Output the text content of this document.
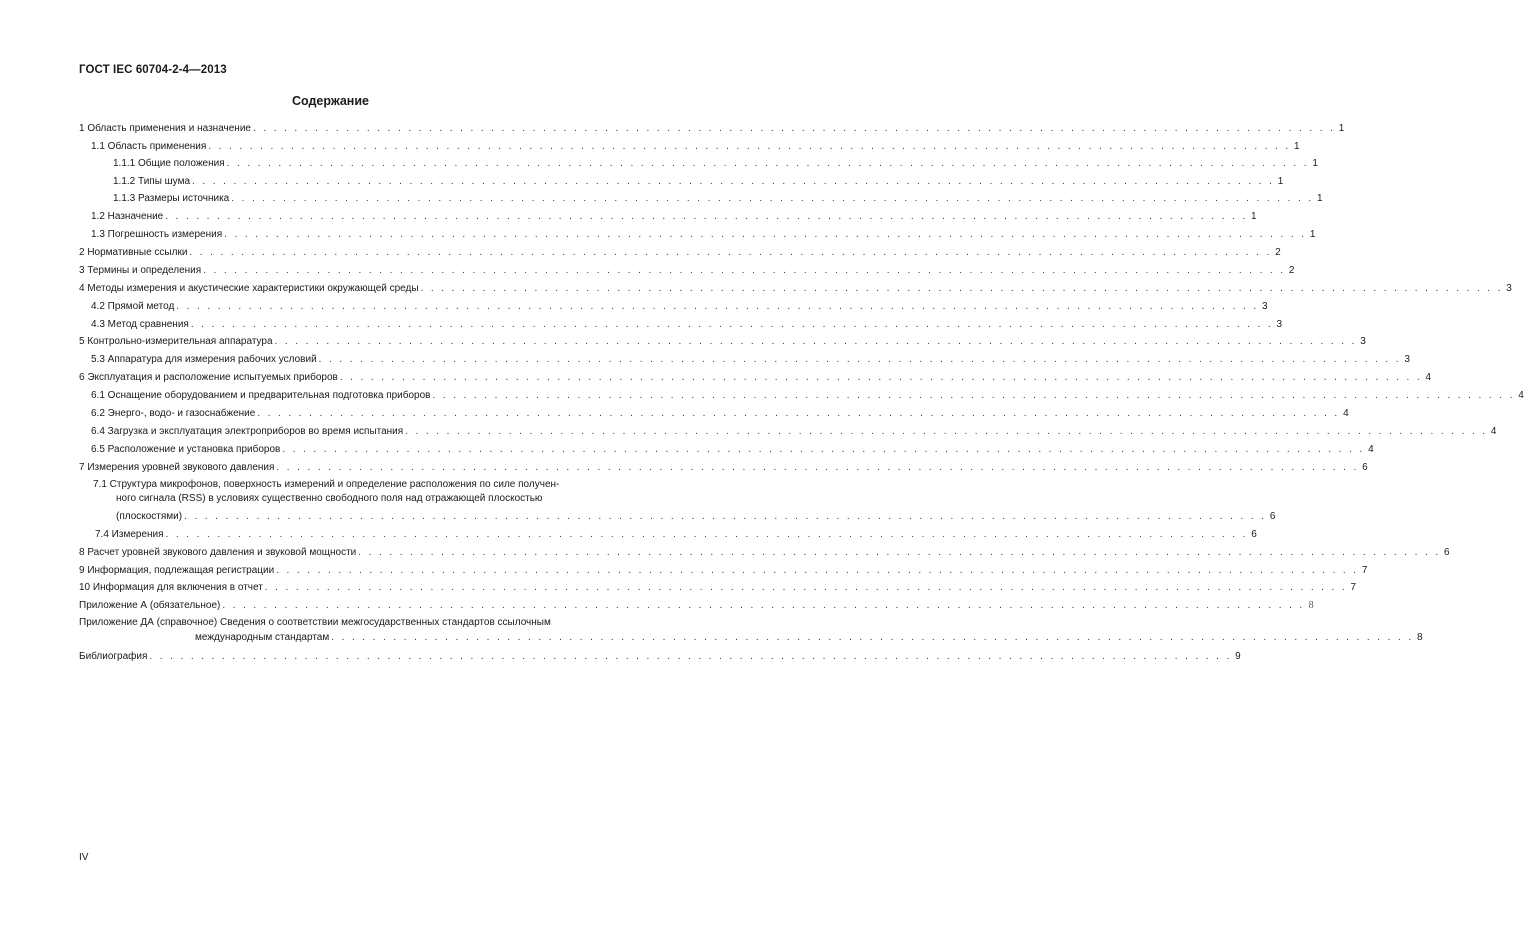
ГОСТ IEC 60704-2-4—2013
Содержание
1 Область применения и назначение . . . . . . . . . . . . . . . . . . . . . . . . . . . . . . . . . . . . . . . . . . . . . . . . . . . . . . . . . . . . . . . . . . . . . . . . . . . . . . . . . . . . . . . . . . . . . . . . . . . . . . . . . 1
1.1 Область применения . . . . . . . . . . . . . . . . . . . . . . . . . . . . . . . . . . . . . . . . . . . . . . . . . . . . . . . . . . . . . . . . . . . . . . . . . . . . . . . . . . . . . . . . . . . . . . . . . . . . . . . . . 1
1.1.1 Общие положения . . . . . . . . . . . . . . . . . . . . . . . . . . . . . . . . . . . . . . . . . . . . . . . . . . . . . . . . . . . . . . . . . . . . . . . . . . . . . . . . . . . . . . . . . . . . . . . . . . . . . . . . . 1
1.1.2 Типы шума . . . . . . . . . . . . . . . . . . . . . . . . . . . . . . . . . . . . . . . . . . . . . . . . . . . . . . . . . . . . . . . . . . . . . . . . . . . . . . . . . . . . . . . . . . . . . . . . . . . . . . . . . 1
1.1.3 Размеры источника . . . . . . . . . . . . . . . . . . . . . . . . . . . . . . . . . . . . . . . . . . . . . . . . . . . . . . . . . . . . . . . . . . . . . . . . . . . . . . . . . . . . . . . . . . . . . . . . . . . . . . . . . 1
1.2 Назначение . . . . . . . . . . . . . . . . . . . . . . . . . . . . . . . . . . . . . . . . . . . . . . . . . . . . . . . . . . . . . . . . . . . . . . . . . . . . . . . . . . . . . . . . . . . . . . . . . . . . . . . . . 1
1.3 Погрешность измерения . . . . . . . . . . . . . . . . . . . . . . . . . . . . . . . . . . . . . . . . . . . . . . . . . . . . . . . . . . . . . . . . . . . . . . . . . . . . . . . . . . . . . . . . . . . . . . . . . . . . . . . . . 1
2 Нормативные ссылки . . . . . . . . . . . . . . . . . . . . . . . . . . . . . . . . . . . . . . . . . . . . . . . . . . . . . . . . . . . . . . . . . . . . . . . . . . . . . . . . . . . . . . . . . . . . . . . . . . . . . . . . . 2
3 Термины и определения . . . . . . . . . . . . . . . . . . . . . . . . . . . . . . . . . . . . . . . . . . . . . . . . . . . . . . . . . . . . . . . . . . . . . . . . . . . . . . . . . . . . . . . . . . . . . . . . . . . . . . . . . 2
4 Методы измерения и акустические характеристики окружающей среды . . . . . . . . . . . . . . . . . . . . . . . . . . . . . . . . . . . . . . . . . . . . . . . . . . . . . . . . . . . . . . . . . . . . . . . . . . . . . . . . . . . . . . . . . . . . . . . . . . . . . . . . . 3
4.2 Прямой метод . . . . . . . . . . . . . . . . . . . . . . . . . . . . . . . . . . . . . . . . . . . . . . . . . . . . . . . . . . . . . . . . . . . . . . . . . . . . . . . . . . . . . . . . . . . . . . . . . . . . . . . . . 3
4.3 Метод сравнения . . . . . . . . . . . . . . . . . . . . . . . . . . . . . . . . . . . . . . . . . . . . . . . . . . . . . . . . . . . . . . . . . . . . . . . . . . . . . . . . . . . . . . . . . . . . . . . . . . . . . . . . . 3
5 Контрольно-измерительная аппаратура . . . . . . . . . . . . . . . . . . . . . . . . . . . . . . . . . . . . . . . . . . . . . . . . . . . . . . . . . . . . . . . . . . . . . . . . . . . . . . . . . . . . . . . . . . . . . . . . . . . . . . . . . 3
5.3 Аппаратура для измерения рабочих условий . . . . . . . . . . . . . . . . . . . . . . . . . . . . . . . . . . . . . . . . . . . . . . . . . . . . . . . . . . . . . . . . . . . . . . . . . . . . . . . . . . . . . . . . . . . . . . . . . . . . . . . . . 3
6 Эксплуатация и расположение испытуемых приборов . . . . . . . . . . . . . . . . . . . . . . . . . . . . . . . . . . . . . . . . . . . . . . . . . . . . . . . . . . . . . . . . . . . . . . . . . . . . . . . . . . . . . . . . . . . . . . . . . . . . . . . . . 4
6.1 Оснащение оборудованием и предварительная подготовка приборов . . . . . . . . . . . . . . . . . . . . . . . . . . . . . . . . . . . . . . . . . . . . . . . . . . . . . . . . . . . . . . . . . . . . . . . . . . . . . . . . . . . . . . . . . . . . . . . . . . . . . . . . . 4
6.2 Энерго-, водо- и газоснабжение . . . . . . . . . . . . . . . . . . . . . . . . . . . . . . . . . . . . . . . . . . . . . . . . . . . . . . . . . . . . . . . . . . . . . . . . . . . . . . . . . . . . . . . . . . . . . . . . . . . . . . . . . 4
6.4 Загрузка и эксплуатация электроприборов во время испытания . . . . . . . . . . . . . . . . . . . . . . . . . . . . . . . . . . . . . . . . . . . . . . . . . . . . . . . . . . . . . . . . . . . . . . . . . . . . . . . . . . . . . . . . . . . . . . . . . . . . . . . . . 4
6.5 Расположение и установка приборов . . . . . . . . . . . . . . . . . . . . . . . . . . . . . . . . . . . . . . . . . . . . . . . . . . . . . . . . . . . . . . . . . . . . . . . . . . . . . . . . . . . . . . . . . . . . . . . . . . . . . . . . . 4
7 Измерения уровней звукового давления . . . . . . . . . . . . . . . . . . . . . . . . . . . . . . . . . . . . . . . . . . . . . . . . . . . . . . . . . . . . . . . . . . . . . . . . . . . . . . . . . . . . . . . . . . . . . . . . . . . . . . . . . 6
7.1 Структура микрофонов, поверхность измерений и определение расположения по силе получен-
ного сигнала (RSS) в условиях существенно свободного поля над отражающей плоскостью
(плоскостями) . . . . . . . . . . . . . . . . . . . . . . . . . . . . . . . . . . . . . . . . . . . . . . . . . . . . . . . . . . . . . . . . . . . . . . . . . . . . . . . . . . . . . . . . . . . . . . . . . . . . . . . . . 6
7.4 Измерения . . . . . . . . . . . . . . . . . . . . . . . . . . . . . . . . . . . . . . . . . . . . . . . . . . . . . . . . . . . . . . . . . . . . . . . . . . . . . . . . . . . . . . . . . . . . . . . . . . . . . . . . . 6
8 Расчет уровней звукового давления и звуковой мощности . . . . . . . . . . . . . . . . . . . . . . . . . . . . . . . . . . . . . . . . . . . . . . . . . . . . . . . . . . . . . . . . . . . . . . . . . . . . . . . . . . . . . . . . . . . . . . . . . . . . . . . . . 6
9 Информация, подлежащая регистрации . . . . . . . . . . . . . . . . . . . . . . . . . . . . . . . . . . . . . . . . . . . . . . . . . . . . . . . . . . . . . . . . . . . . . . . . . . . . . . . . . . . . . . . . . . . . . . . . . . . . . . . . . 7
10 Информация для включения в отчет . . . . . . . . . . . . . . . . . . . . . . . . . . . . . . . . . . . . . . . . . . . . . . . . . . . . . . . . . . . . . . . . . . . . . . . . . . . . . . . . . . . . . . . . . . . . . . . . . . . . . . . . . 7
Приложение А (обязательное) . . . . . . . . . . . . . . . . . . . . . . . . . . . . . . . . . . . . . . . . . . . . . . . . . . . . . . . . . . . . . . . . . . . . . . . . . . . . . . . . . . . . . . . . . . . . . . . . . . . . . . . . . 8
Приложение ДА (справочное) Сведения о соответствии межгосударственных стандартов ссылочным
международным стандартам . . . . . . . . . . . . . . . . . . . . . . . . . . . . . . . . . . . . . . . . . . . . . . . . . . . . . . . . . . . . . . . . . . . . . . . . . . . . . . . . . . . . . . . . . . . . . . . . . . . . . . . . . 8
Библиография . . . . . . . . . . . . . . . . . . . . . . . . . . . . . . . . . . . . . . . . . . . . . . . . . . . . . . . . . . . . . . . . . . . . . . . . . . . . . . . . . . . . . . . . . . . . . . . . . . . . . . . . . 9
IV
